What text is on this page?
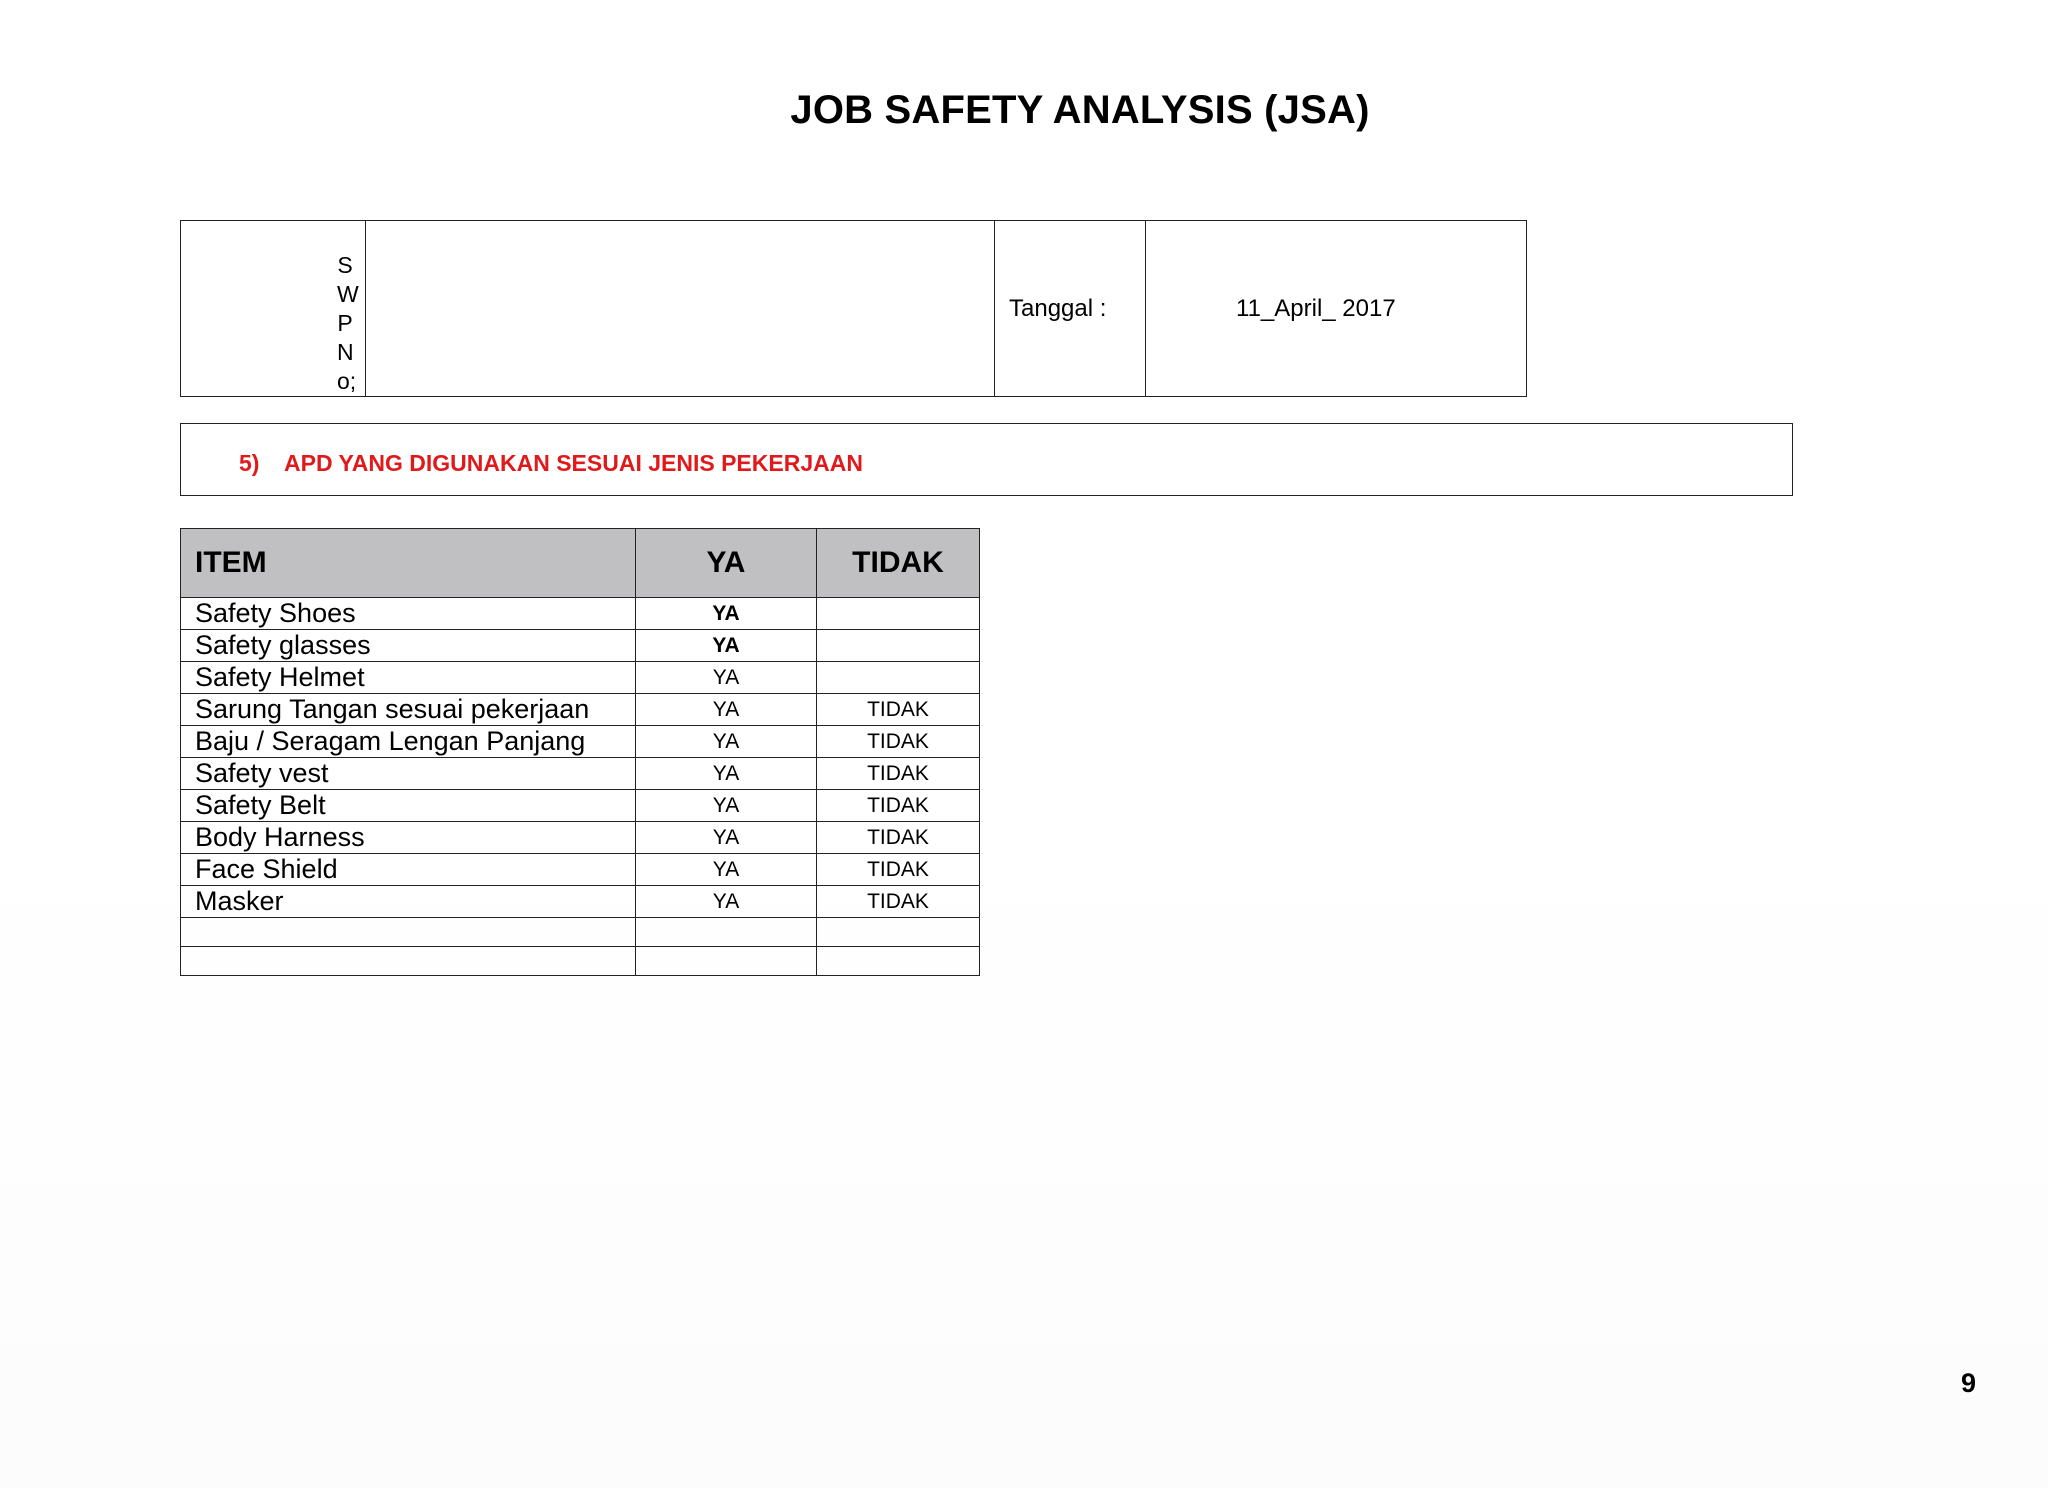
JOB SAFETY ANALYSIS (JSA)
SWPNo;		Tanggal :	11_April_ 2017
5) APD YANG DIGUNAKAN SESUAI JENIS PEKERJAAN
ITEM	YA	TIDAK
Safety Shoes	YA	
Safety glasses	YA	
Safety Helmet	YA	
Sarung Tangan sesuai pekerjaan	YA	TIDAK
Baju / Seragam Lengan Panjang	YA	TIDAK
Safety vest	YA	TIDAK
Safety Belt	YA	TIDAK
Body Harness	YA	TIDAK
Face Shield	YA	TIDAK
Masker	YA	TIDAK

9
